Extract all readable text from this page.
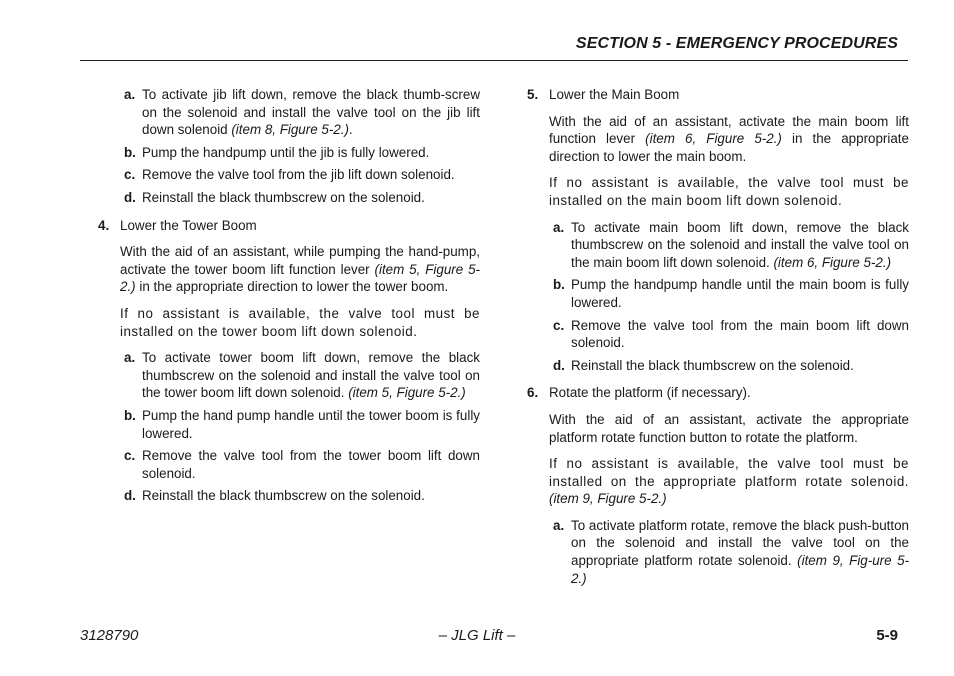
SECTION 5 - EMERGENCY PROCEDURES
a. To activate jib lift down, remove the black thumb-screw on the solenoid and install the valve tool on the jib lift down solenoid (item 8, Figure 5-2.).
b. Pump the handpump until the jib is fully lowered.
c. Remove the valve tool from the jib lift down solenoid.
d. Reinstall the black thumbscrew on the solenoid.
4. Lower the Tower Boom
With the aid of an assistant, while pumping the hand-pump, activate the tower boom lift function lever (item 5, Figure 5-2.) in the appropriate direction to lower the tower boom.
If no assistant is available, the valve tool must be installed on the tower boom lift down solenoid.
a. To activate tower boom lift down, remove the black thumbscrew on the solenoid and install the valve tool on the tower boom lift down solenoid. (item 5, Figure 5-2.)
b. Pump the hand pump handle until the tower boom is fully lowered.
c. Remove the valve tool from the tower boom lift down solenoid.
d. Reinstall the black thumbscrew on the solenoid.
5. Lower the Main Boom
With the aid of an assistant, activate the main boom lift function lever (item 6, Figure 5-2.) in the appropriate direction to lower the main boom.
If no assistant is available, the valve tool must be installed on the main boom lift down solenoid.
a. To activate main boom lift down, remove the black thumbscrew on the solenoid and install the valve tool on the main boom lift down solenoid. (item 6, Figure 5-2.)
b. Pump the handpump handle until the main boom is fully lowered.
c. Remove the valve tool from the main boom lift down solenoid.
d. Reinstall the black thumbscrew on the solenoid.
6. Rotate the platform (if necessary).
With the aid of an assistant, activate the appropriate platform rotate function button to rotate the platform.
If no assistant is available, the valve tool must be installed on the appropriate platform rotate solenoid. (item 9, Figure 5-2.)
a. To activate platform rotate, remove the black push-button on the solenoid and install the valve tool on the appropriate platform rotate solenoid. (item 9, Fig-ure 5-2.)
3128790	– JLG Lift –	5-9
